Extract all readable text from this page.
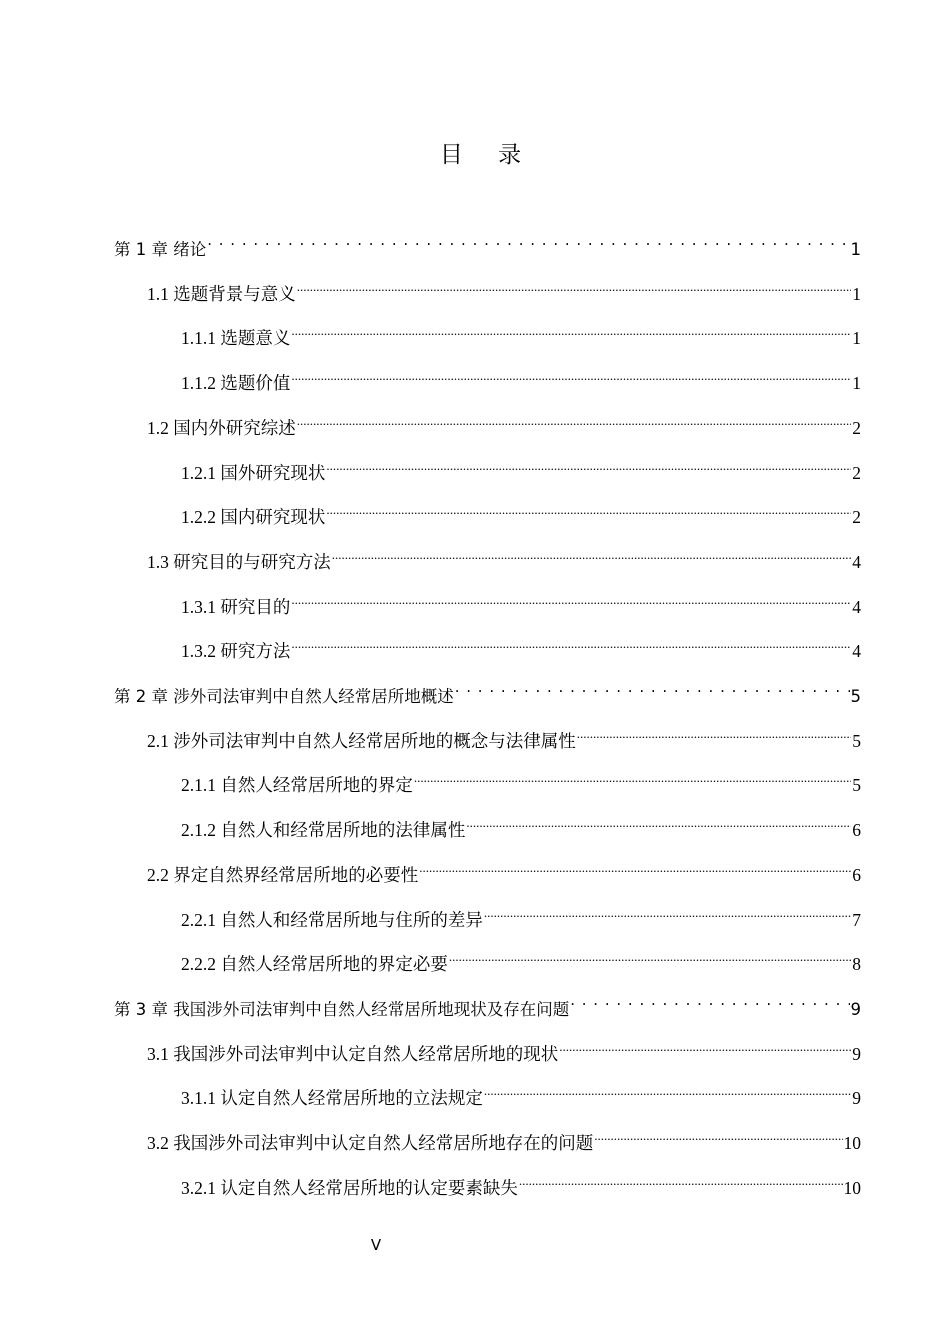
目 录
第 1 章 绪论 . . .	1
1.1 选题背景与意义 .....	1
1.1.1 选题意义 .....	1
1.1.2 选题价值 .....	1
1.2 国内外研究综述 .....	2
1.2.1 国外研究现状 .....	2
1.2.2 国内研究现状 .....	2
1.3 研究目的与研究方法 .....	4
1.3.1 研究目的 .....	4
1.3.2 研究方法 .....	4
第 2 章 涉外司法审判中自然人经常居所地概述 . . .	5
2.1 涉外司法审判中自然人经常居所地的概念与法律属性 .....	5
2.1.1 自然人经常居所地的界定 .....	5
2.1.2 自然人和经常居所地的法律属性 .....	6
2.2 界定自然界经常居所地的必要性 .....	6
2.2.1 自然人和经常居所地与住所的差异 .....	7
2.2.2 自然人经常居所地的界定必要 .....	8
第 3 章 我国涉外司法审判中自然人经常居所地现状及存在问题 . . .	9
3.1 我国涉外司法审判中认定自然人经常居所地的现状 .....	9
3.1.1 认定自然人经常居所地的立法规定 .....	9
3.2 我国涉外司法审判中认定自然人经常居所地存在的问题 .....	10
3.2.1 认定自然人经常居所地的认定要素缺失 .....	10
V
